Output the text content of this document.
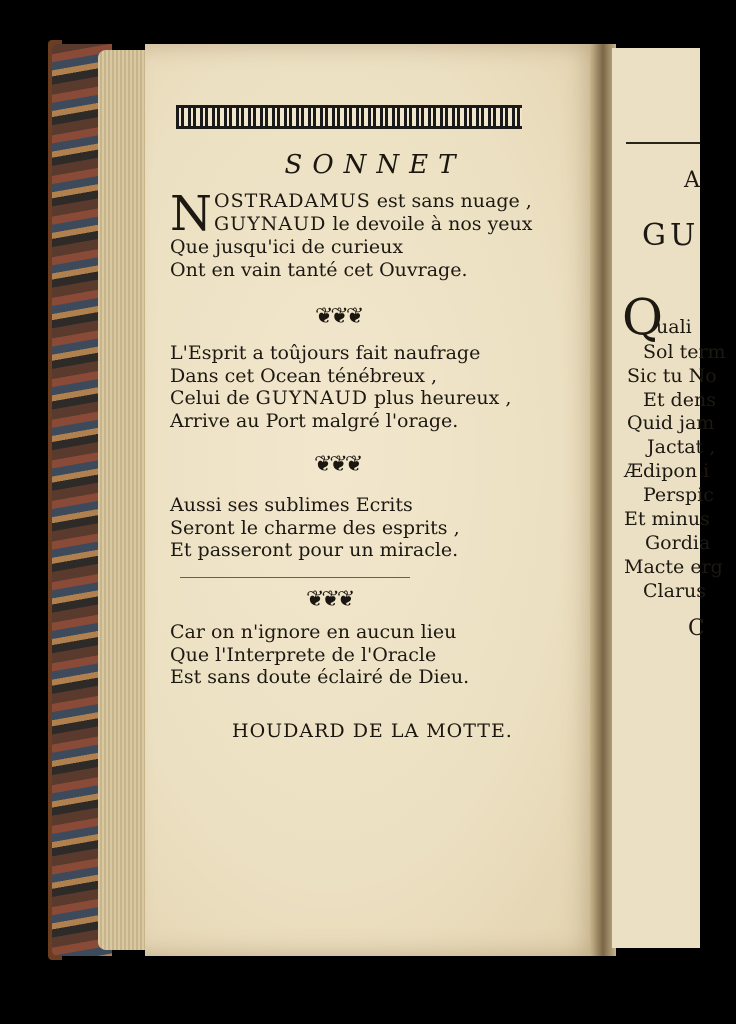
A
GU
Q
uali
Sol term
Sic tu No
Et dens
Quid jam
Jactat ,
Ædipon i
Perspic
Et minus
Gordia
Macte erg
Clarus
C
SONNET
N OSTRADAMUS est sans nuage ,
GUYNAUD le devoile à nos yeux
Que jusqu'ici de curieux
Ont en vain tanté cet Ouvrage.
❦❦❦
L'Esprit a toûjours fait naufrage
Dans cet Ocean ténébreux ,
Celui de GUYNAUD plus heureux ,
Arrive au Port malgré l'orage.
❦❦❦
Aussi ses sublimes Ecrits
Seront le charme des esprits ,
Et passeront pour un miracle.
❦❦❦
Car on n'ignore en aucun lieu
Que l'Interprete de l'Oracle
Est sans doute éclairé de Dieu.
HOUDARD DE LA MOTTE.
